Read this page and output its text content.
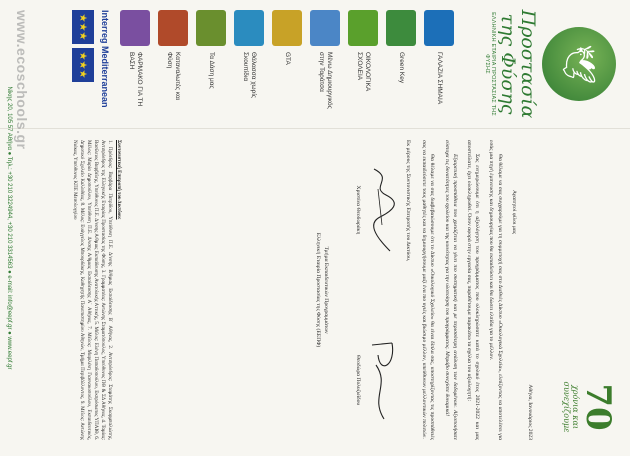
🕊
Προστασία
της Φύσης
ΕΛΛΗΝΙΚΗ ΕΤΑΙΡΙΑ ΠΡΟΣΤΑΣΙΑΣ ΤΗΣ ΦΥΣΗΣ
ΓΑΛΑΖΙΑ ΣΗΜΑΙΑ
Green Key
ΟΙΚΟΛΟΓΙΚΑ ΣΧΟΛΕΙΑ
Μένω Δημιουργικός στην Ταράτσα
GTA
Θάλασσα χωρίς Σκουπίδια
Τα Δάση μας
Καταναλωτές και Φύση
ΦΑΡΜΑΚΟ ΓΙΑ ΤΗ ΒΑΣΗ
Interreg Mediterranean
★★★
★★★
www.ecoschools.gr
70
χρόνια και συνεχίζουμε

Αθήνα, Ιανουάριος 2023

Αγαπητοί φίλοι μας

Θα θέλαμε να σας συγχαρούμε για τη συμμετοχή σας στο Διεθνές Δίκτυο «Οικολογικά Σχολεία», ελπίζοντας να αποτελέσει για εσάς μια πηγή έμπνευσης και δημιουργίας που θα εκπαιδεύσει και θα δώσει ελπίδα για το μέλλον.

Σας ενημερώνουμε ότι η αξιολόγηση του προγράμματος που ολοκληρώσατε κατά το σχολικό έτος 2021-2022 και μας αποστείλατε, έχει ολοκληρωθεί. Όσον αφορά στην εργασία σας, παραθέτουμε παρακάτω τα σχόλια του αξιολογητή:

Εξαιρετική προσπάθεια που χρειάζεται να γίνει πιο συστηματική και με περισσότερη ανάλυση των δεδομένων. Αξιοποιήσατε εύστοχα τις δυνατότητες του σχολείου και της κοινότητας για την υλοποίηση του προγράμματος. Μπράβο συνεχίστε δυναμικά!

Θα θέλαμε να σας διαβεβαιώσουμε ότι το Δίκτυο «Οικολογικό Σχολείο» θα είναι δίπλα σας, υποστηρίζοντας τις προσπάθειές σας να εκπαιδεύσετε τους μαθητές και να δημιουργήσουμε μαζί ένα πιο υγιές και βιώσιμο μέλλον, υπεύθυνων μελλοντικών πολιτών.

Εκ μέρους της Συντονιστικής Επιτροπής του Δικτύου,

Χριστίνα Θεοδωράκη
Θεοδώρα Πολυζωΐδου
Τμήμα Εκπαιδευτικών Προγραμμάτων
Ελληνική Εταιρία Προστασίας της Φύσης (ΕΕΠΦ)
Συντονιστική Επιτροπή του Δικτύου:
1. Πρόεδρος: Βαρβάρα Πετρίδου, Υπεύθυνη Π.Ε. Δ/νσης Β/θμιας Εκπαίδευσης Β΄ Αθήνας, 2. Αντιπρόεδρος: Σταμάτης Σκαρμπαλιώτης, Αντιπρόεδρος της Ελληνικής Εταιρίας Προστασίας της Φύσης, 3. Γραμματέας: Αντώνης Σταματόπουλος, Υπεύθυνος ΠΘ & ΣΔ Αθήνας, 4. Ταμίας: Βασίλειος Βαρβέλης, Υπεύθυνος Π.Ε. Δ/νσης Α/θμιας Εκπαίδευσης Ανατολικής Αττικής, 5. Μέλος: Ελένη Παπαδοπούλου, Εκπρόσωπος ΥΠΑΙΘ, 6. Μέλος: Μαρία Δημοπούλου, Υπεύθυνη Π.Ε. Δ/νσης Α/θμιας Εκπαίδευσης Α΄ Αθήνας, 7. Μέλος: Μαριλένη Γιαννακοπούλου, Εκπαιδευτικός, Δημοτικό Σχολείο Καλλιθέας, 8. Μέλος: Ευάγγελος Μπουρδάκης, Καθηγητής Πανεπιστημίου Αθηνών, Τμήμα Περιβάλλοντος, 9. Μέλος: Αντώνης Νιάκας, Υπεύθυνος ΚΠΕ Μεσολογγίου
Νίκης 20, 105 57 Αθήνα ● Τηλ.: +30 210 3224944, +30 210 3314563 ● e-mail: info@eepf.gr ● www.eepf.gr
